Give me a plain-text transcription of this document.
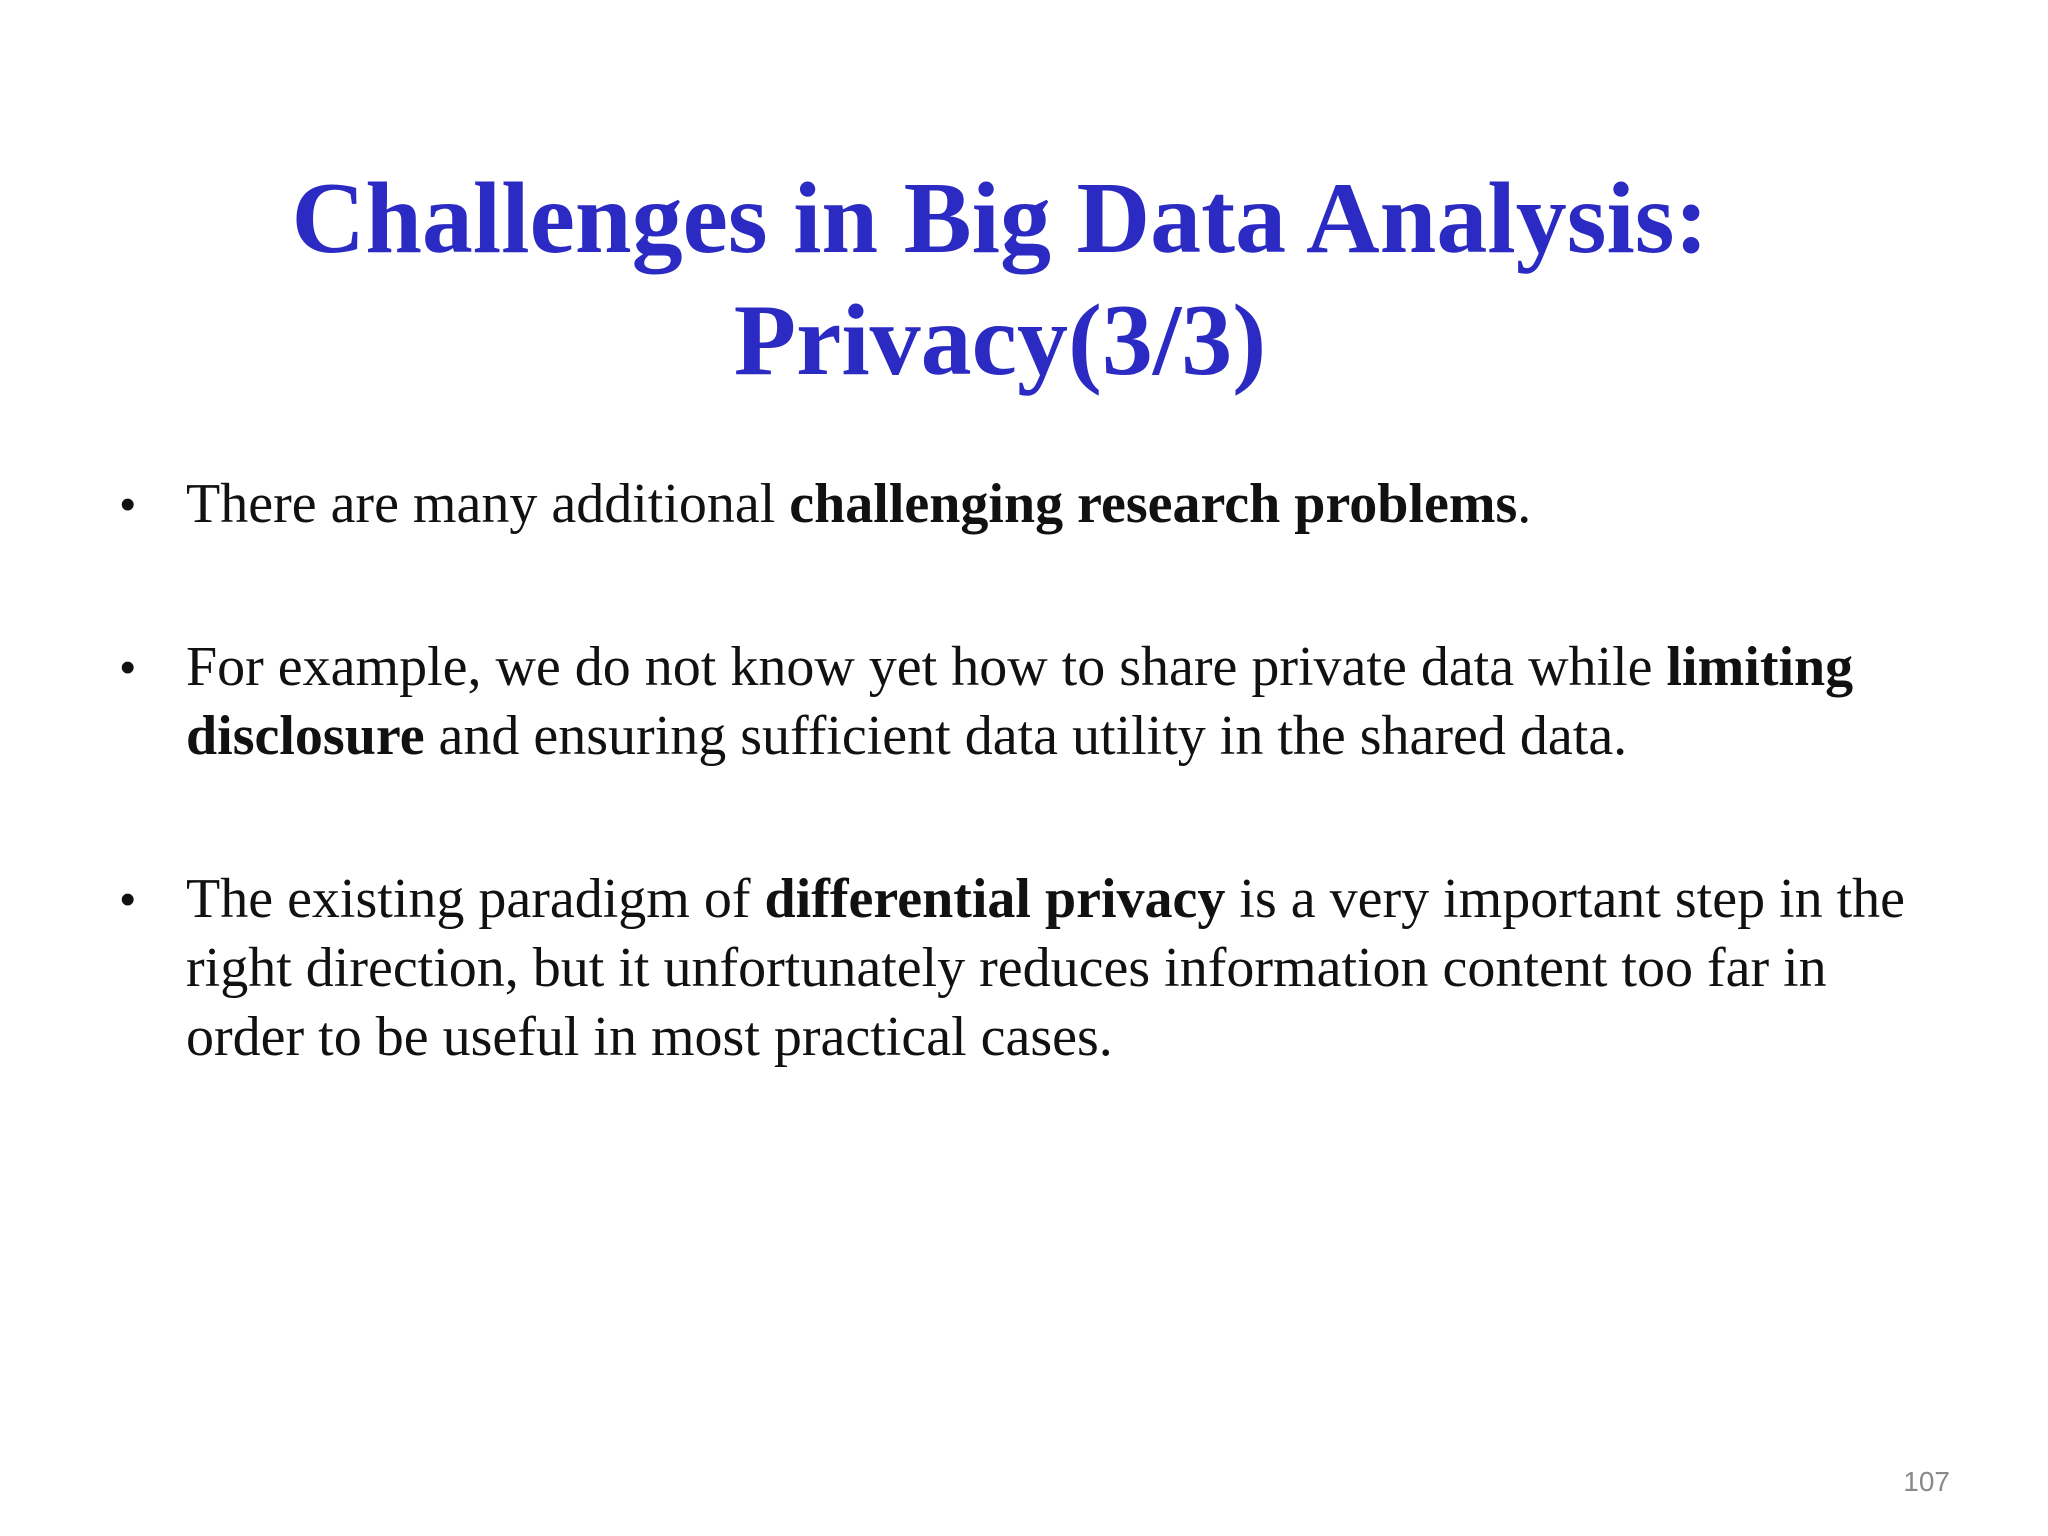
Challenges in Big Data Analysis:
Privacy(3/3)
• There are many additional challenging research problems.
• For example, we do not know yet how to share private data while limiting disclosure and ensuring sufficient data utility in the shared data.
• The existing paradigm of differential privacy is a very important step in the right direction, but it unfortunately reduces information content too far in order to be useful in most practical cases.
107
